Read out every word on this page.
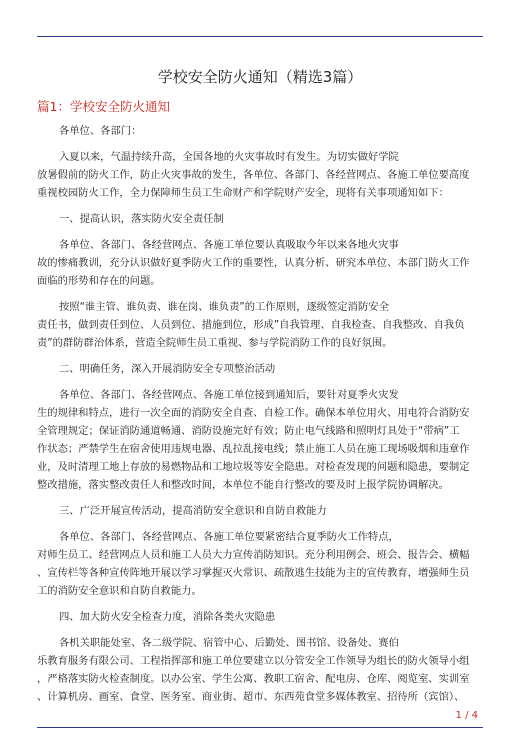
学校安全防火通知（精选3篇）
篇1：学校安全防火通知
各单位、各部门：
入夏以来，气温持续升高，全国各地的火灾事故时有发生。为切实做好学院
放暑假前的防火工作，防止火灾事故的发生，各单位、各部门、各经营网点、各施工单位要高度
重视校园防火工作，全力保障师生员工生命财产和学院财产安全，现将有关事项通知如下：
一、提高认识，落实防火安全责任制
各单位、各部门、各经营网点、各施工单位要认真吸取今年以来各地火灾事
故的惨痛教训，充分认识做好夏季防火工作的重要性，认真分析、研究本单位、本部门防火工作
面临的形势和存在的问题。
按照“谁主管、谁负责、谁在岗、谁负责”的工作原则，逐级签定消防安全
责任书，做到责任到位、人员到位、措施到位，形成”自我管理、自我检查、自我整改、自我负
责”的群防群治体系，营造全院师生员工重视、参与学院消防工作的良好氛围。
二、明确任务，深入开展消防安全专项整治活动
各单位、各部门、各经营网点、各施工单位接到通知后，要针对夏季火灾发
生的规律和特点，进行一次全面的消防安全自查、自检工作。确保本单位用火、用电符合消防安
全管理规定；保证消防通道畅通、消防设施完好有效；防止电气线路和照明灯具处于“带病”工
作状态；严禁学生在宿舍使用违规电器、乱拉乱接电线；禁止施工人员在施工现场吸烟和违章作
业，及时清理工地上存放的易燃物品和工地垃圾等安全隐患。对检查发现的问题和隐患，要制定
整改措施，落实整改责任人和整改时间，本单位不能自行整改的要及时上报学院协调解决。
三、广泛开展宣传活动，提高消防安全意识和自防自救能力
各单位、各部门、各经营网点、各施工单位要紧密结合夏季防火工作特点，
对师生员工、经营网点人员和施工人员大力宣传消防知识。充分利用例会、班会、报告会、横幅
、宣传栏等各种宣传阵地开展以学习掌握灭火常识、疏散逃生技能为主的宣传教育，增强师生员
工的消防安全意识和自防自救能力。
四、加大防火安全检查力度，消除各类火灾隐患
各机关职能处室、各二级学院、宿管中心、后勤处、图书馆、设备处、赛伯
乐教育服务有限公司、工程指挥部和施工单位要建立以分管安全工作领导为组长的防火领导小组
，严格落实防火检查制度。以办公室、学生公寓、教职工宿舍、配电房、仓库、阅览室、实训室
、计算机房、画室、食堂、医务室、商业街、超市、东西苑食堂多媒体教室、招待所（宾馆）、
1 / 4
